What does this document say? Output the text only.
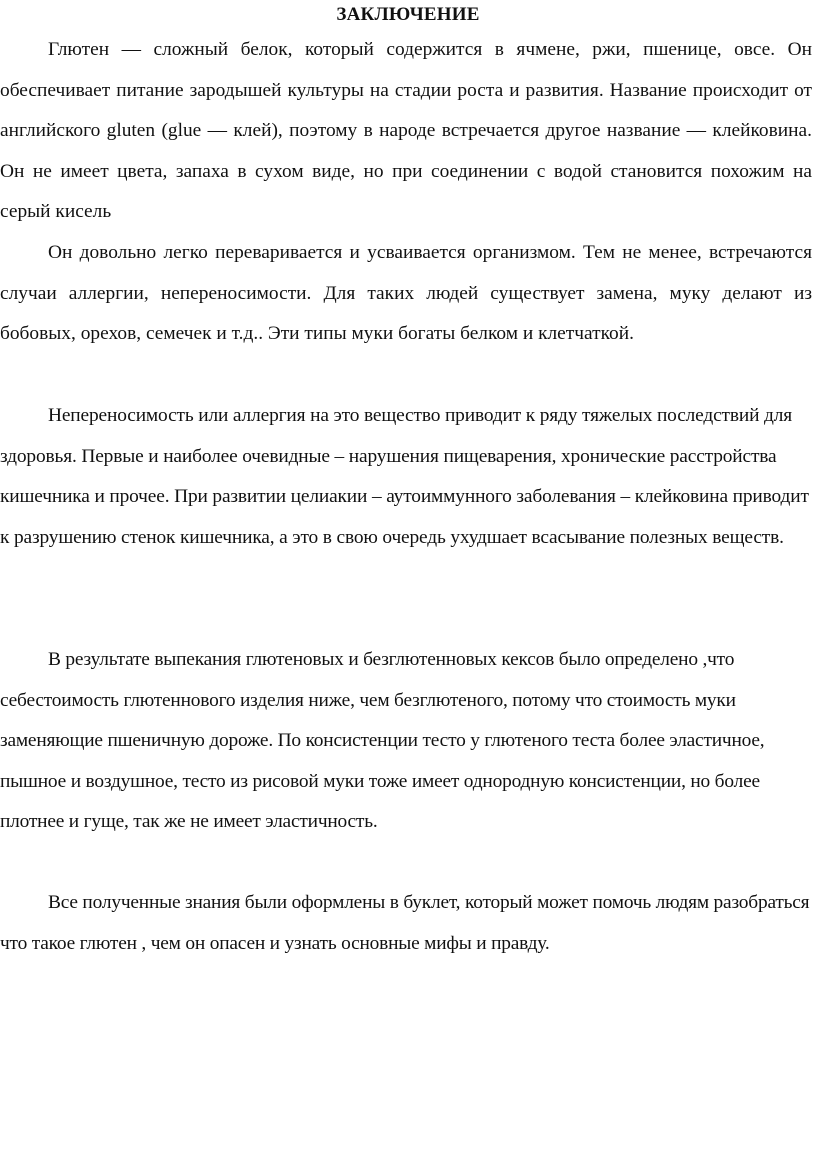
ЗАКЛЮЧЕНИЕ

Глютен — сложный белок, который содержится в ячмене, ржи, пшенице, овсе. Он обеспечивает питание зародышей культуры на стадии роста и развития. Название происходит от английского gluten (glue — клей), поэтому в народе встречается другое название — клейковина. Он не имеет цвета, запаха в сухом виде, но при соединении с водой становится похожим на серый кисель

Он довольно легко переваривается и усваивается организмом. Тем не менее, встречаются случаи аллергии, непереносимости. Для таких людей существует замена, муку делают из бобовых, орехов, семечек и т.д.. Эти типы муки богаты белком и клетчаткой.

Непереносимость или аллергия на это вещество приводит к ряду тяжелых последствий для здоровья. Первые и наиболее очевидные – нарушения пищеварения, хронические расстройства кишечника и прочее. При развитии целиакии – аутоиммунного заболевания – клейковина приводит к разрушению стенок кишечника, а это в свою очередь ухудшает всасывание полезных веществ.

В результате выпекания глютеновых и безглютенновых кексов было определено ,что себестоимость глютеннового изделия ниже, чем безглютеного, потому что стоимость муки заменяющие пшеничную дороже. По консистенции тесто у глютеного теста более эластичное, пышное и воздушное, тесто из рисовой муки тоже имеет однородную консистенции, но более плотнее и гуще, так же не имеет эластичность.

Все полученные знания были оформлены в буклет, который может помочь людям разобраться что такое глютен , чем он опасен и узнать основные мифы и правду.
